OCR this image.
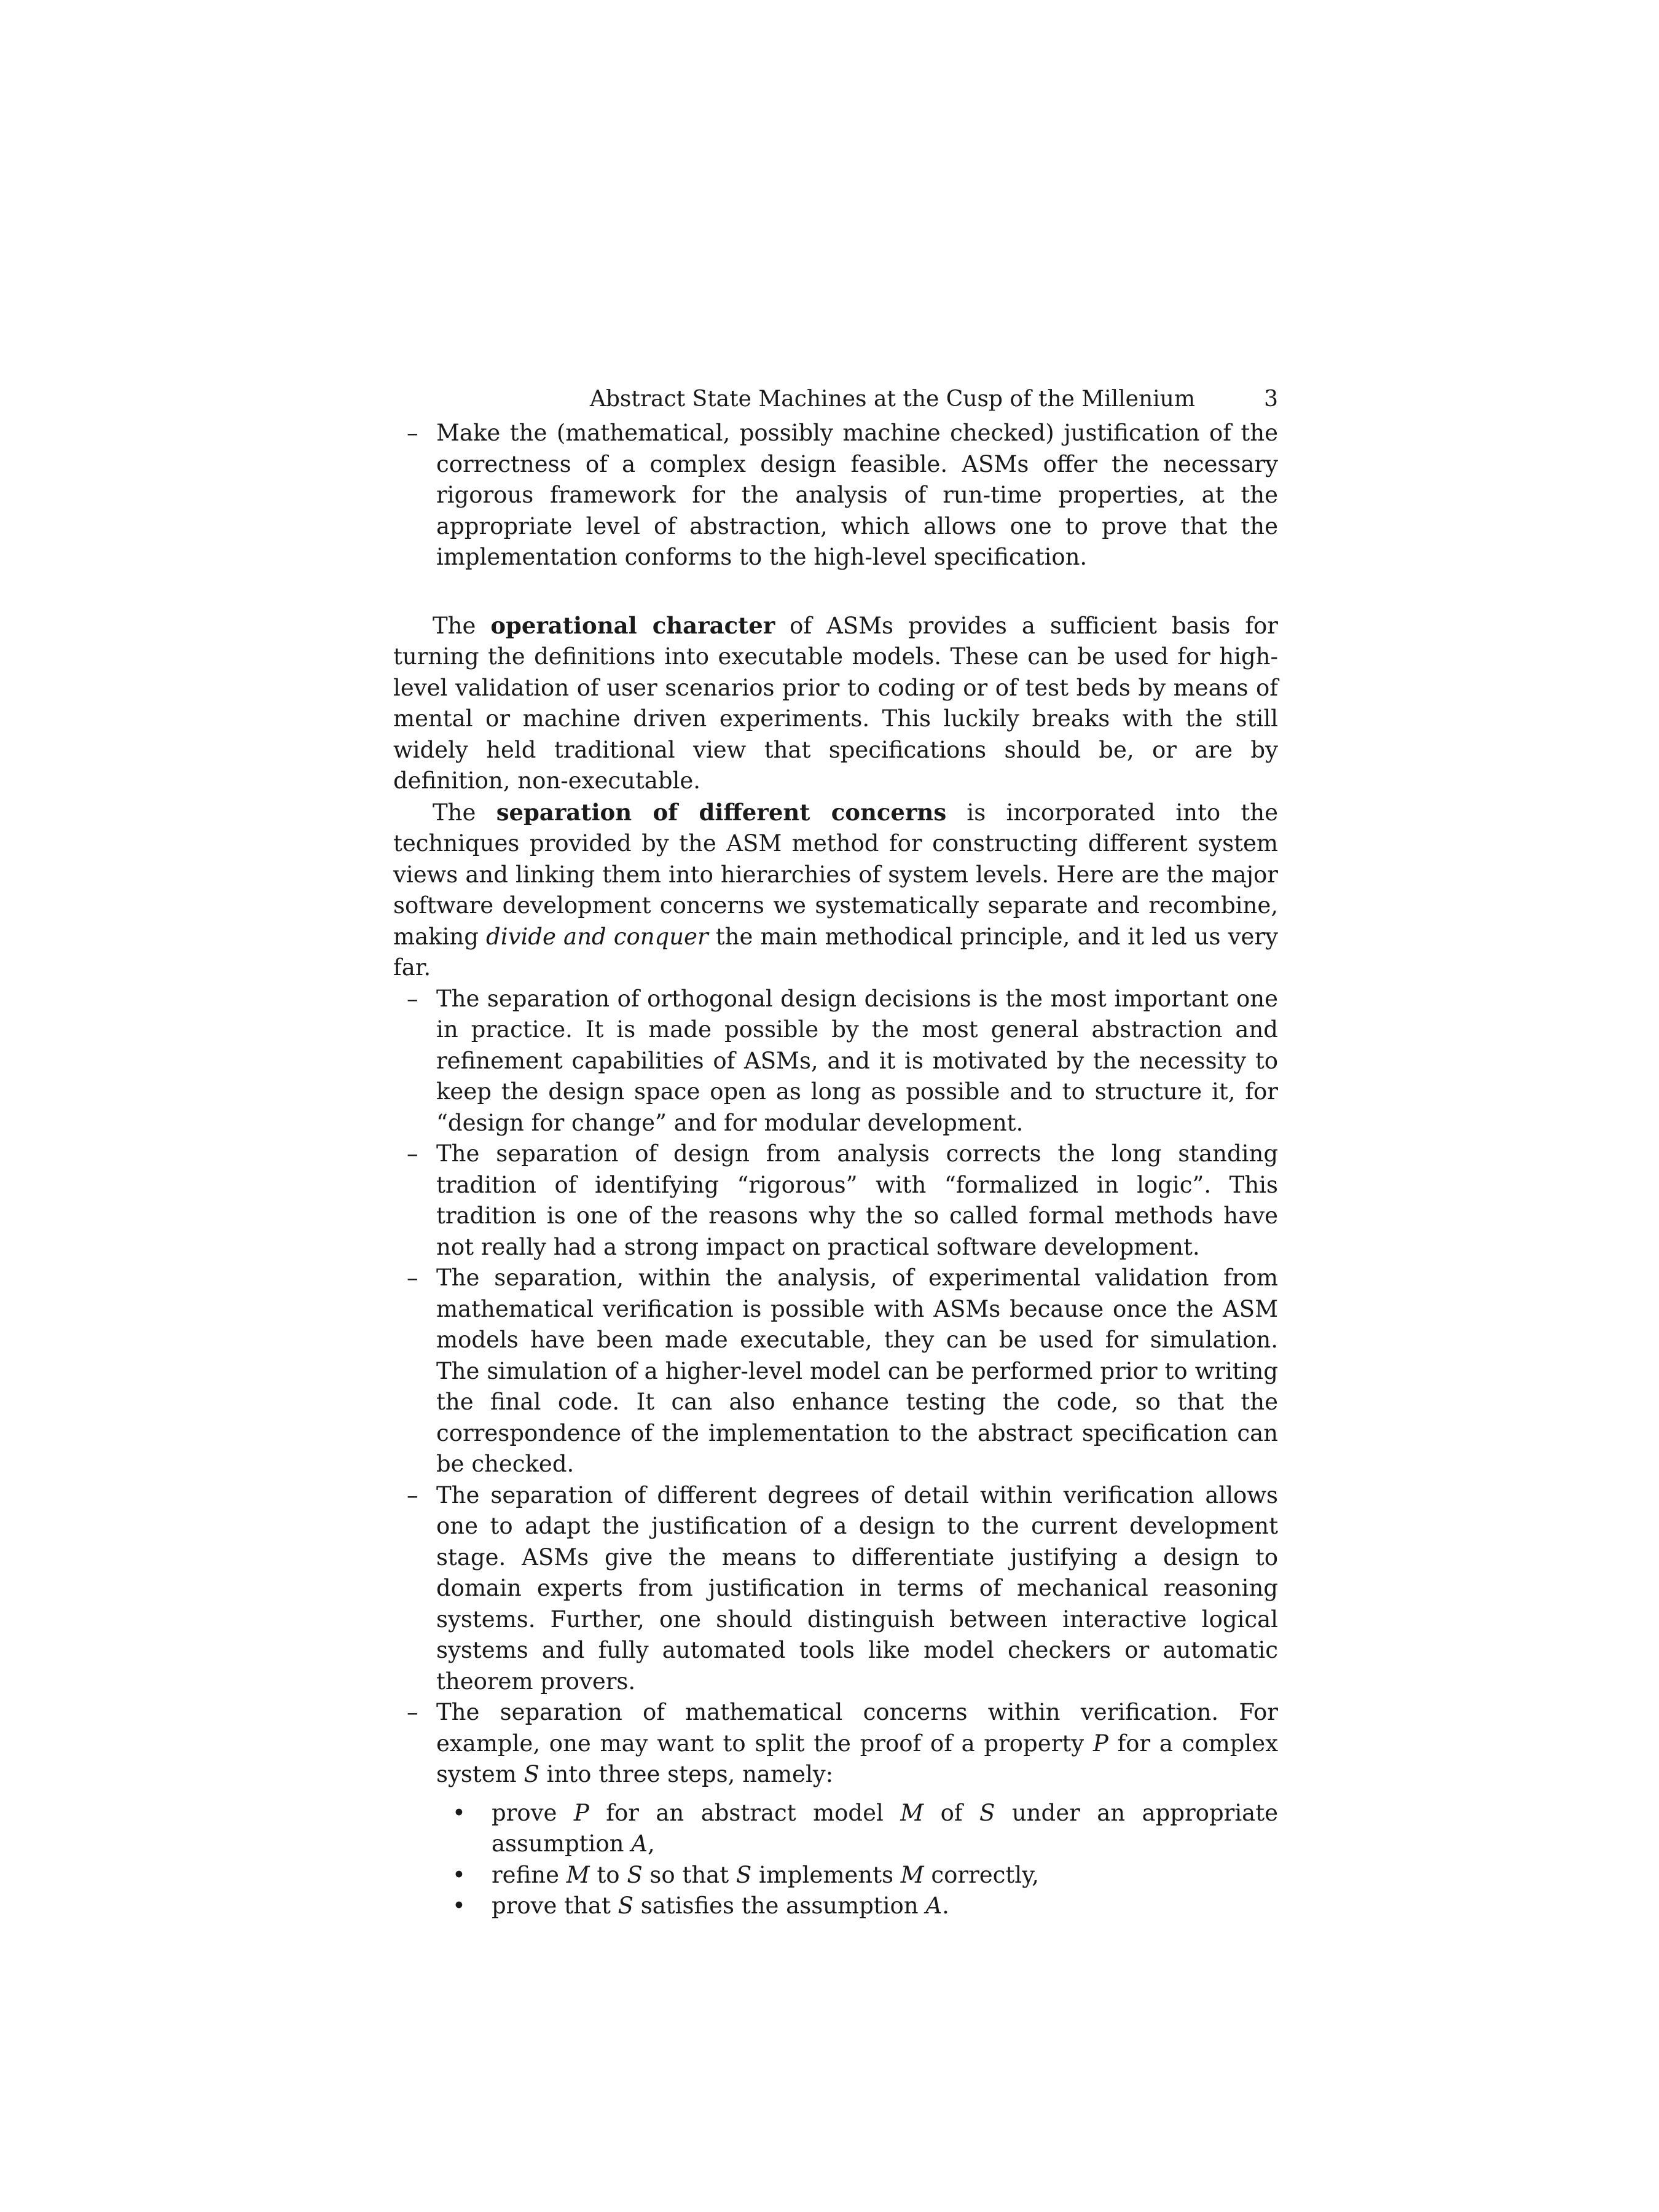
Abstract State Machines at the Cusp of the Millenium	3
– Make the (mathematical, possibly machine checked) justification of the correctness of a complex design feasible. ASMs offer the necessary rigorous framework for the analysis of run-time properties, at the appropriate level of abstraction, which allows one to prove that the implementation conforms to the high-level specification.

The operational character of ASMs provides a sufficient basis for turning the definitions into executable models. These can be used for high-level validation of user scenarios prior to coding or of test beds by means of mental or machine driven experiments. This luckily breaks with the still widely held traditional view that specifications should be, or are by definition, non-executable.

The separation of different concerns is incorporated into the techniques provided by the ASM method for constructing different system views and linking them into hierarchies of system levels. Here are the major software development concerns we systematically separate and recombine, making divide and conquer the main methodical principle, and it led us very far.

– The separation of orthogonal design decisions is the most important one in practice. It is made possible by the most general abstraction and refinement capabilities of ASMs, and it is motivated by the necessity to keep the design space open as long as possible and to structure it, for “design for change” and for modular development.
– The separation of design from analysis corrects the long standing tradition of identifying “rigorous” with “formalized in logic”. This tradition is one of the reasons why the so called formal methods have not really had a strong impact on practical software development.
– The separation, within the analysis, of experimental validation from mathematical verification is possible with ASMs because once the ASM models have been made executable, they can be used for simulation. The simulation of a higher-level model can be performed prior to writing the final code. It can also enhance testing the code, so that the correspondence of the implementation to the abstract specification can be checked.
– The separation of different degrees of detail within verification allows one to adapt the justification of a design to the current development stage. ASMs give the means to differentiate justifying a design to domain experts from justification in terms of mechanical reasoning systems. Further, one should distinguish between interactive logical systems and fully automated tools like model checkers or automatic theorem provers.
– The separation of mathematical concerns within verification. For example, one may want to split the proof of a property P for a complex system S into three steps, namely:
• prove P for an abstract model M of S under an appropriate assumption A,
• refine M to S so that S implements M correctly,
• prove that S satisfies the assumption A.
